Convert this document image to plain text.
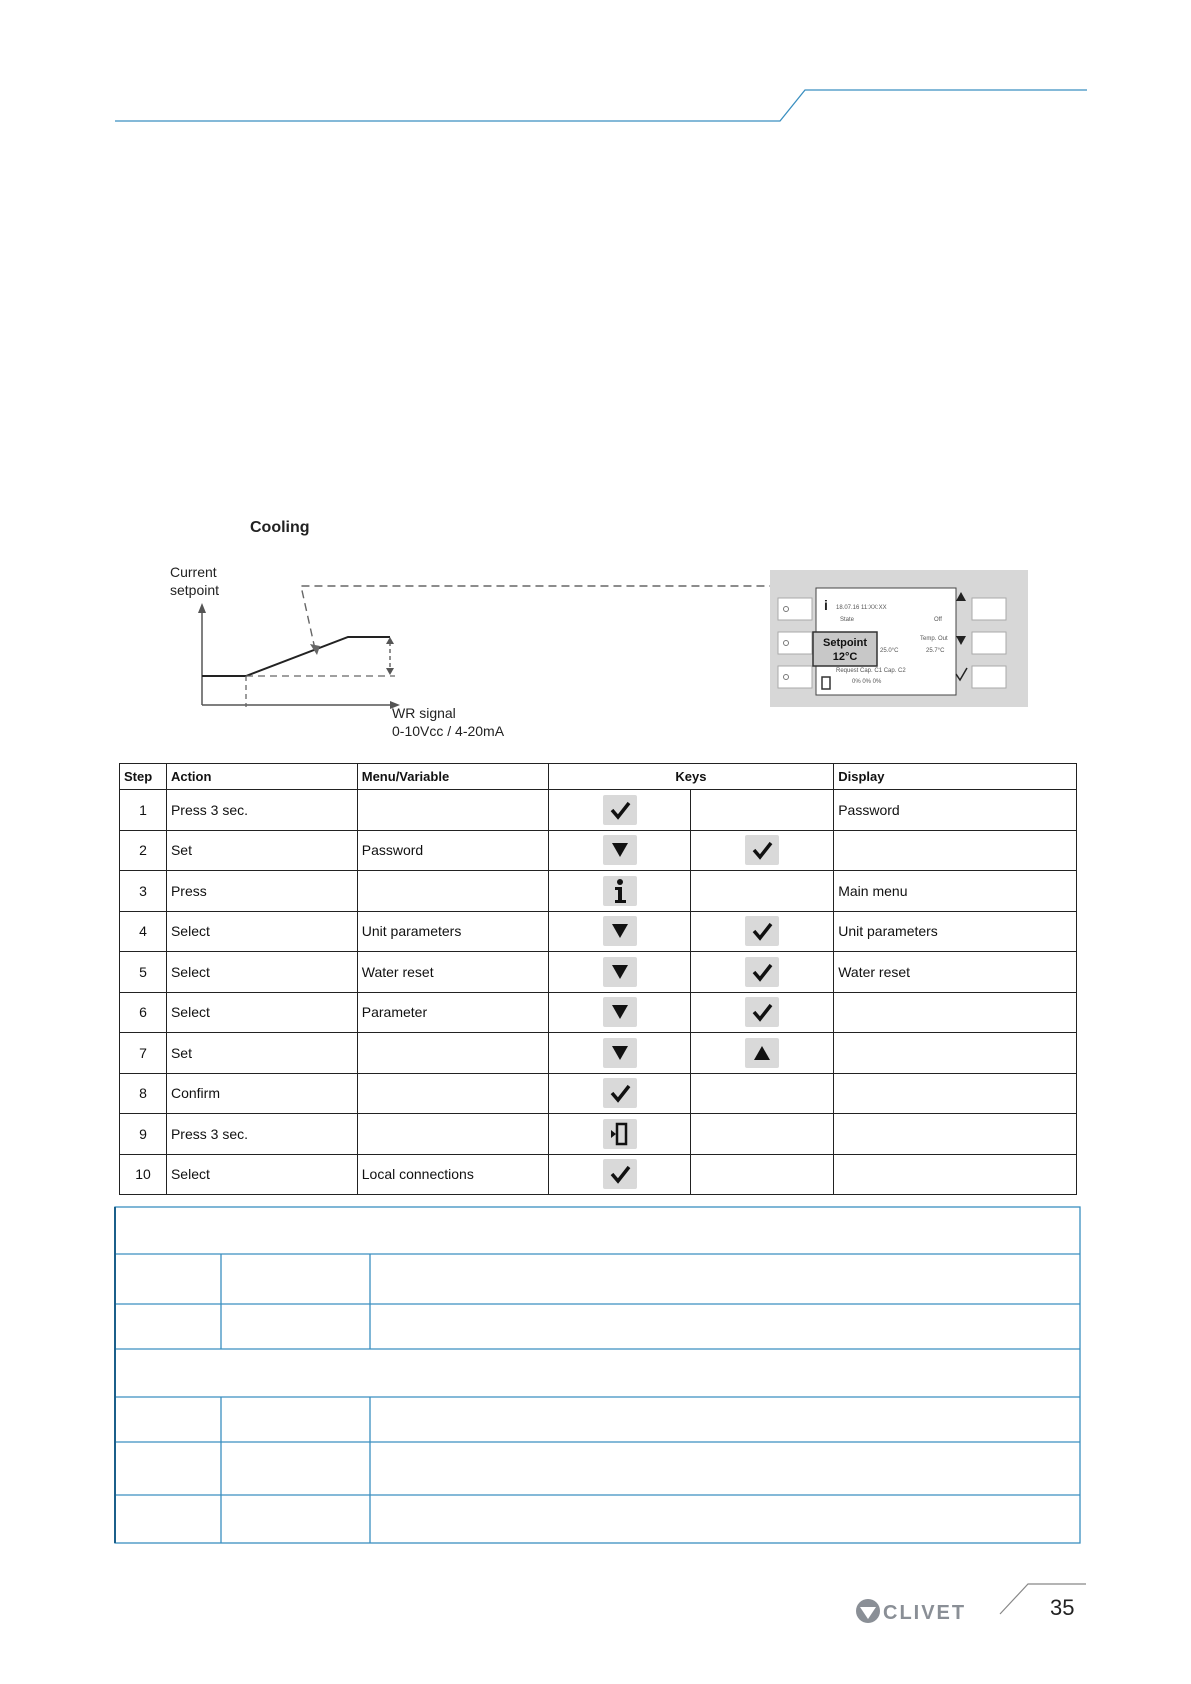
Cooling
Current
setpoint
WR signal
0-10Vcc / 4-20mA
i 18.07.16 11:XX:XX
State	Off
Temp. Out
25.0°C	25.7°C
Request Cap. C1 Cap. C2
0% 0% 0%
Setpoint
12°C
Step	Action	Menu/Variable	Keys		Display
1	Press 3 sec.				Password
2	Set	Password	

3	Press				Main menu
4	Select	Unit parameters			Unit parameters
5	Select	Water reset			Water reset
6	Select	Parameter	

7	Set		

8	Confirm		

9	Press 3 sec.		

10	Select	Local connections	

CLIVET	35
